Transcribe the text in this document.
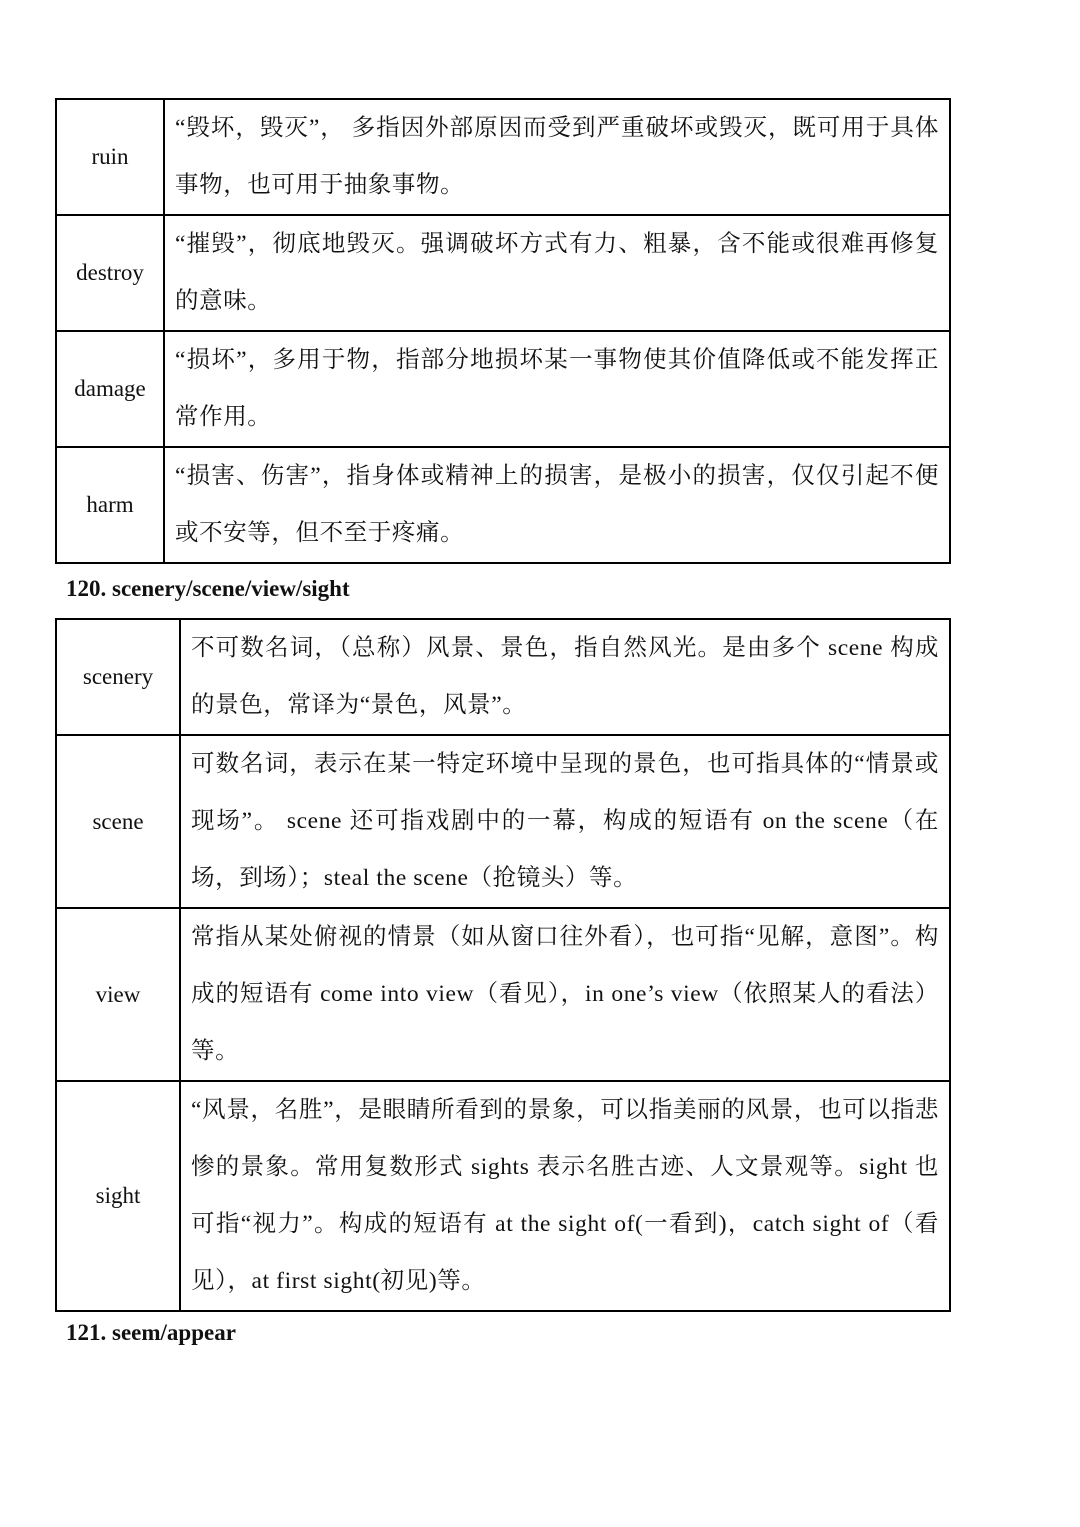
ruin	“毁坏，毁灭”， 多指因外部原因而受到严重破坏或毁灭，既可用于具体事物，也可用于抽象事物。
destroy	“摧毁”，彻底地毁灭。强调破坏方式有力、粗暴，含不能或很难再修复的意味。
damage	“损坏”，多用于物，指部分地损坏某一事物使其价值降低或不能发挥正常作用。
harm	“损害、伤害”，指身体或精神上的损害，是极小的损害，仅仅引起不便或不安等，但不至于疼痛。
120. scenery/scene/view/sight
scenery	不可数名词，（总称）风景、景色，指自然风光。是由多个 scene 构成的景色，常译为“景色，风景”。
scene	可数名词，表示在某一特定环境中呈现的景色，也可指具体的“情景或现场”。 scene 还可指戏剧中的一幕，构成的短语有 on the scene（在场，到场）；steal the scene（抢镜头）等。
view	常指从某处俯视的情景（如从窗口往外看），也可指“见解，意图”。构成的短语有 come into view（看见），in one’s view（依照某人的看法）等。
sight	“风景，名胜”，是眼睛所看到的景象，可以指美丽的风景，也可以指悲惨的景象。常用复数形式 sights 表示名胜古迹、人文景观等。sight 也可指“视力”。构成的短语有 at the sight of(一看到)，catch sight of（看见），at first sight(初见)等。
121. seem/appear
